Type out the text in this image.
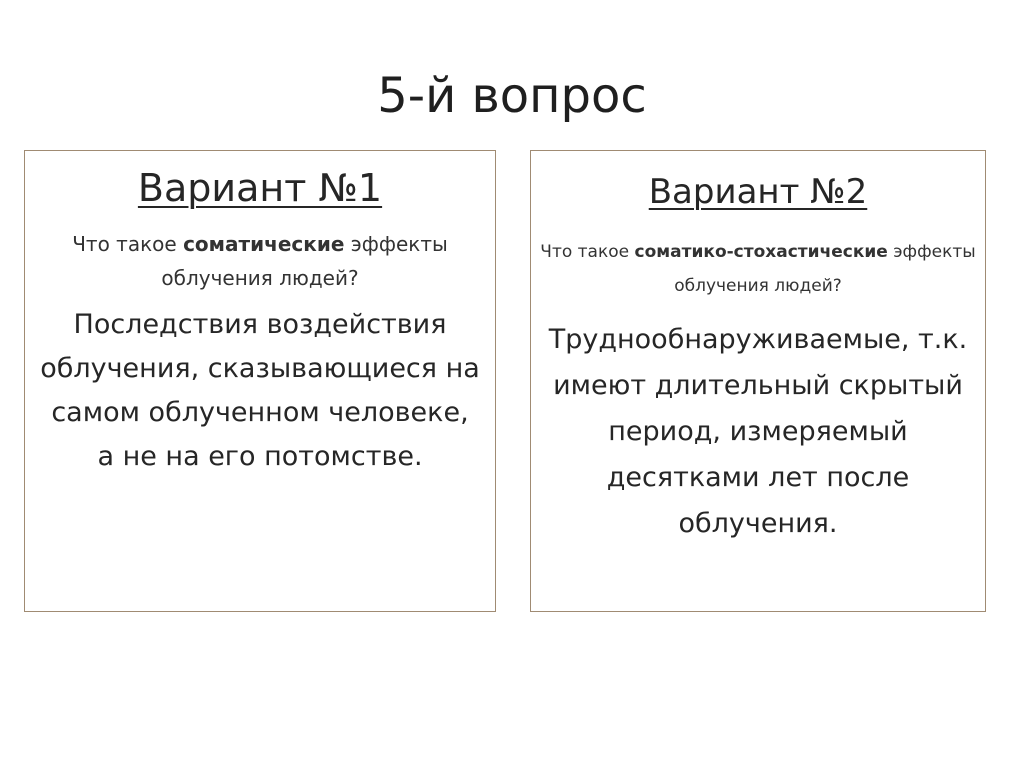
5-й вопрос
Вариант №1
Что такое соматические эффекты облучения людей?
Последствия воздействия облучения, сказывающиеся на самом облученном человеке, а не на его потомстве.
Вариант №2
Что такое соматико-стохастические эффекты облучения людей?
Труднообнаруживаемые, т.к. имеют длительный скрытый период, измеряемый десятками лет после облучения.
